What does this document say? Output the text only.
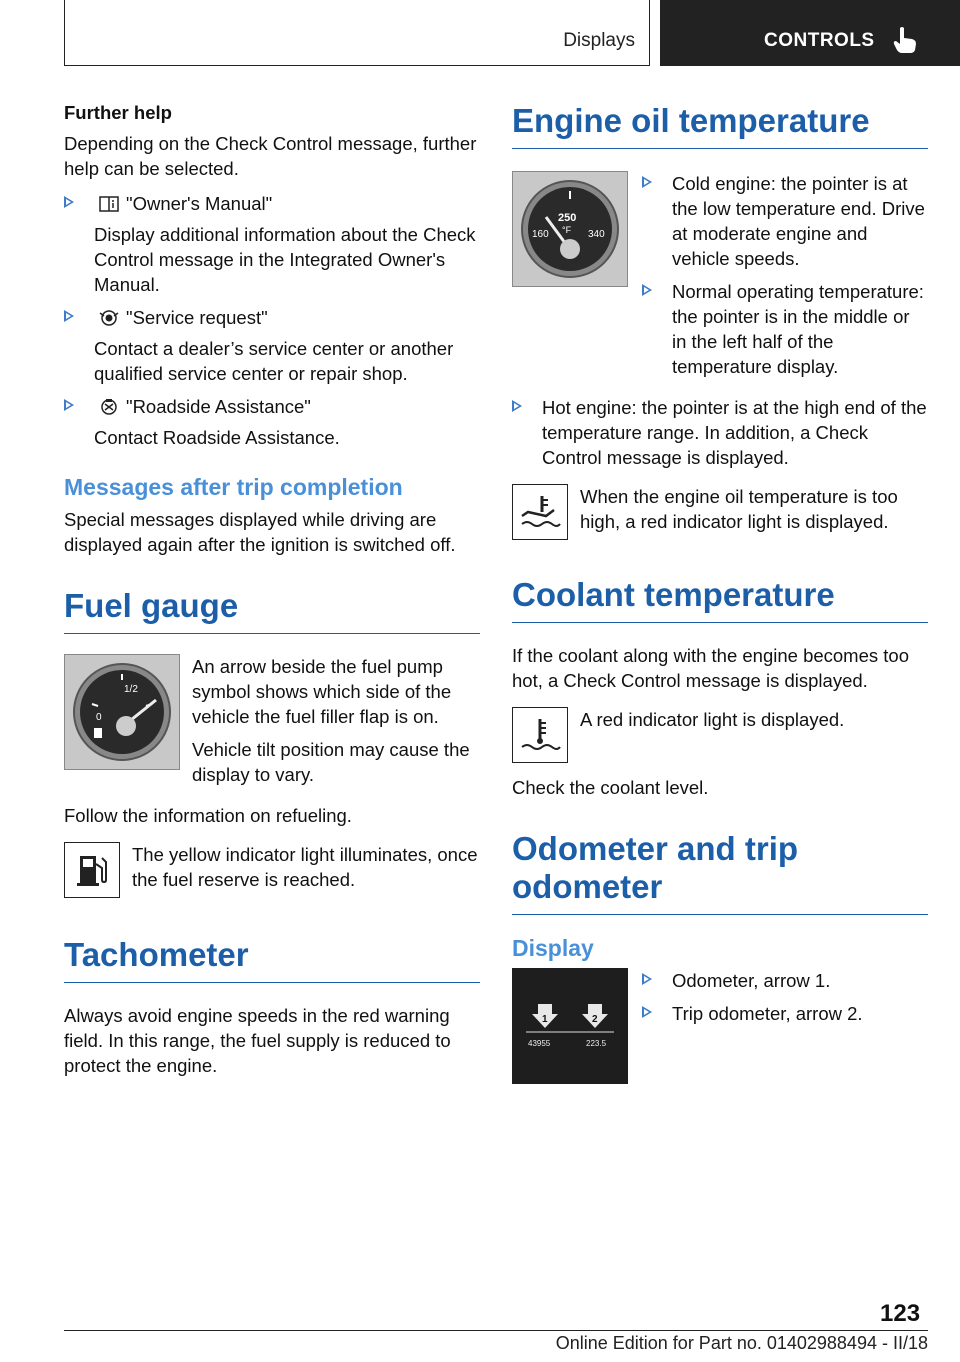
Displays	CONTROLS
Further help

Depending on the Check Control message, further help can be selected.

"Owner's Manual"
Display additional information about the Check Control message in the Integrated Owner's Manual.
"Service request"
Contact a dealer’s service center or another qualified service center or repair shop.
"Roadside Assistance"
Contact Roadside Assistance.
Messages after trip completion

Special messages displayed while driving are displayed again after the ignition is switched off.

Fuel gauge
0
1/2

An arrow beside the fuel pump symbol shows which side of the vehicle the fuel filler flap is on.

Vehicle tilt position may cause the display to vary.

Follow the information on refueling.

The yellow indicator light illuminates, once the fuel reserve is reached.

Tachometer

Always avoid engine speeds in the red warning field. In this range, the fuel supply is reduced to protect the engine.

Engine oil temperature
250
°F
160	340
Cold engine: the pointer is at the low temperature end. Drive at moderate engine and vehicle speeds.
Normal operating temperature: the pointer is in the middle or in the left half of the temperature display.
Hot engine: the pointer is at the high end of the temperature range. In addition, a Check Control message is displayed.

When the engine oil temperature is too high, a red indicator light is displayed.

Coolant temperature

If the coolant along with the engine becomes too hot, a Check Control message is displayed.

A red indicator light is displayed.

Check the coolant level.

Odometer and trip odometer
Display
1	2
43955	223.5
Odometer, arrow 1.
Trip odometer, arrow 2.
123
Online Edition for Part no. 01402988494 - II/18
